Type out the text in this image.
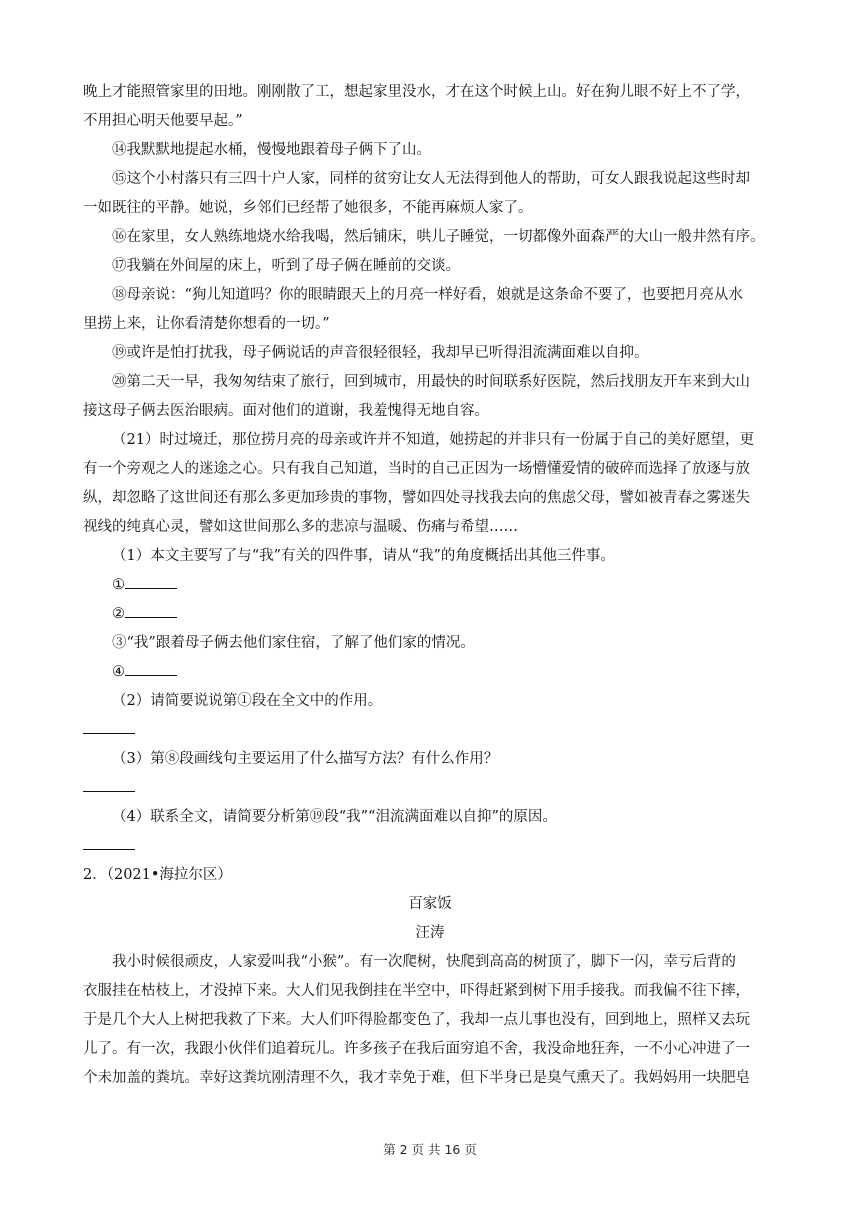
晚上才能照管家里的田地。刚刚散了工，想起家里没水，才在这个时候上山。好在狗儿眼不好上不了学，
不用担心明天他要早起。”
⑭我默默地提起水桶，慢慢地跟着母子俩下了山。
⑮这个小村落只有三四十户人家，同样的贫穷让女人无法得到他人的帮助，可女人跟我说起这些时却
一如既往的平静。她说，乡邻们已经帮了她很多，不能再麻烦人家了。
⑯在家里，女人熟练地烧水给我喝，然后铺床，哄儿子睡觉，一切都像外面森严的大山一般井然有序。
⑰我躺在外间屋的床上，听到了母子俩在睡前的交谈。
⑱母亲说：“狗儿知道吗？你的眼睛跟天上的月亮一样好看，娘就是这条命不要了，也要把月亮从水
里捞上来，让你看清楚你想看的一切。”
⑲或许是怕打扰我，母子俩说话的声音很轻很轻，我却早已听得泪流满面难以自抑。
⑳第二天一早，我匆匆结束了旅行，回到城市，用最快的时间联系好医院，然后找朋友开车来到大山
接这母子俩去医治眼病。面对他们的道谢，我羞愧得无地自容。
（21）时过境迁，那位捞月亮的母亲或许并不知道，她捞起的并非只有一份属于自己的美好愿望，更
有一个旁观之人的迷途之心。只有我自己知道，当时的自己正因为一场懵懂爱情的破碎而选择了放逐与放
纵，却忽略了这世间还有那么多更加珍贵的事物，譬如四处寻找我去向的焦虑父母，譬如被青春之雾迷失
视线的纯真心灵，譬如这世间那么多的悲凉与温暖、伤痛与希望……
（1）本文主要写了与“我”有关的四件事，请从“我”的角度概括出其他三件事。
①
②
③“我”跟着母子俩去他们家住宿，了解了他们家的情况。
④
（2）请简要说说第①段在全文中的作用。
（3）第⑧段画线句主要运用了什么描写方法？有什么作用？
（4）联系全文，请简要分析第⑲段“我”“泪流满面难以自抑”的原因。
2．（2021•海拉尔区）
百家饭
汪涛
我小时候很顽皮，人家爱叫我“小猴”。有一次爬树，快爬到高高的树顶了，脚下一闪，幸亏后背的
衣服挂在枯枝上，才没掉下来。大人们见我倒挂在半空中，吓得赶紧到树下用手接我。而我偏不往下摔，
于是几个大人上树把我救了下来。大人们吓得脸都变色了，我却一点儿事也没有，回到地上，照样又去玩
儿了。有一次，我跟小伙伴们追着玩儿。许多孩子在我后面穷追不舍，我没命地狂奔，一不小心冲进了一
个未加盖的粪坑。幸好这粪坑刚清理不久，我才幸免于难，但下半身已是臭气熏天了。我妈妈用一块肥皂
第 2 页 共 16 页
